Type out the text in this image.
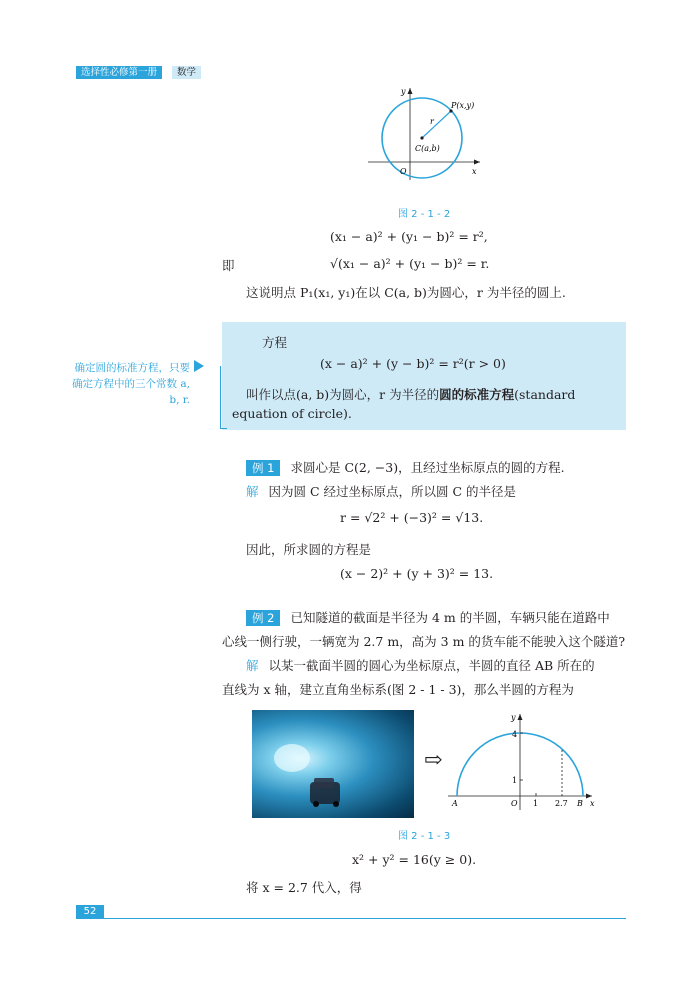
选择性必修第一册	数学
y
x
O
P(x,y)
C(a,b)
r
图 2 - 1 - 2
(x₁ − a)² + (y₁ − b)² = r²,
即	√(x₁ − a)² + (y₁ − b)² = r.
这说明点 P₁(x₁, y₁)在以 C(a, b)为圆心，r 为半径的圆上.
方程
(x − a)² + (y − b)² = r²(r > 0)
叫作以点(a, b)为圆心，r 为半径的圆的标准方程(standard
equation of circle).
确定圆的标准方程，只要确定方程中的三个常数 a, b, r.
例 1 求圆心是 C(2, −3)，且经过坐标原点的圆的方程.
解 因为圆 C 经过坐标原点，所以圆 C 的半径是
r = √2² + (−3)² = √13.
因此，所求圆的方程是
(x − 2)² + (y + 3)² = 13.
例 2 已知隧道的截面是半径为 4 m 的半圆，车辆只能在道路中
心线一侧行驶，一辆宽为 2.7 m，高为 3 m 的货车能不能驶入这个隧道?
解 以某一截面半圆的圆心为坐标原点，半圆的直径 AB 所在的
直线为 x 轴，建立直角坐标系(图 2 - 1 - 3)，那么半圆的方程为
⇨
y
4
1
A	O 1 2.7 B x
图 2 - 1 - 3
x² + y² = 16(y ≥ 0).
将 x = 2.7 代入，得
52
